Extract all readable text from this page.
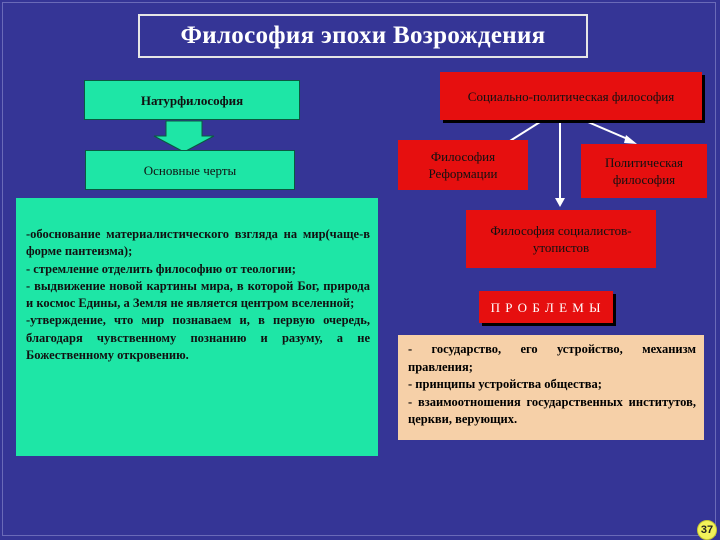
Философия эпохи Возрождения
Натурфилософия
Основные черты

-обоснование материалистического взгляда на мир(чаще-в форме пантеизма);

- стремление отделить философию от теологии;

- выдвижение новой картины мира, в которой Бог, природа и космос Едины, а Земля не является центром вселенной;

-утверждение, что мир познаваем и, в первую очередь, благодаря чувственному познанию и разуму, а не Божественному откровению.

Социально-политическая философия
Философия Реформации
Политическая философия
Философия социалистов-утопистов
П Р О Б Л Е М Ы

- государство, его устройство, механизм правления;

- принципы устройства общества;

- взаимоотношения государственных институтов, церкви, верующих.

37
